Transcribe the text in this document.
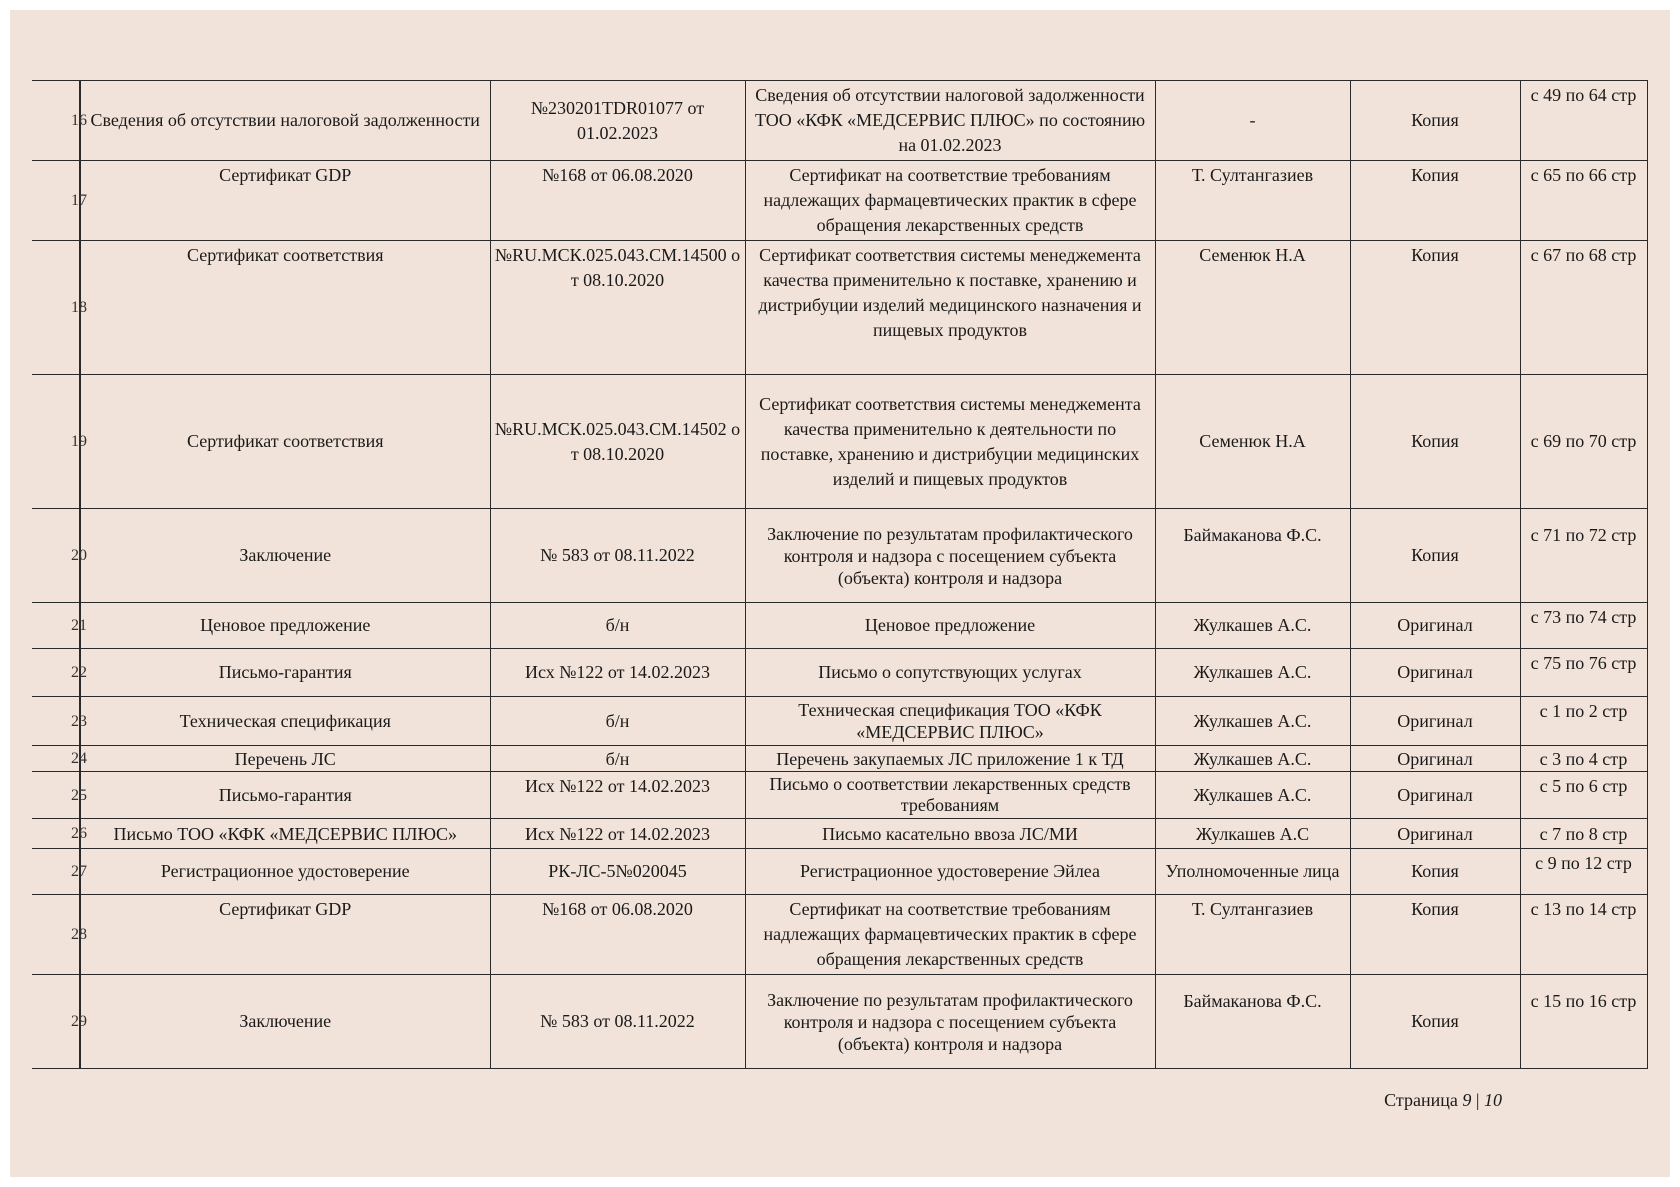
16	Сведения об отсутствии налоговой задолженности	№230201TDR01077 от 01.02.2023	Сведения об отсутствии налоговой задолженности ТОО «КФК «МЕДСЕРВИС ПЛЮС» по состоянию на 01.02.2023	-	Копия	с 49 по 64 стр
17	Сертификат GDP	№168 от 06.08.2020	Сертификат на соответствие требованиям надлежащих фармацевтических практик в сфере обращения лекарственных средств	Т. Султангазиев	Копия	с 65 по 66 стр
18	Сертификат соответствия	№RU.МСК.025.043.СМ.14500 от 08.10.2020	Сертификат соответствия системы менеджемента качества применительно к поставке, хранению и дистрибуции изделий медицинского назначения и пищевых продуктов	Семенюк Н.А	Копия	с 67 по 68 стр
19	Сертификат соответствия	№RU.МСК.025.043.СМ.14502 от 08.10.2020	Сертификат соответствия системы менеджемента качества применительно к деятельности по поставке, хранению и дистрибуции медицинских изделий и пищевых продуктов	Семенюк Н.А	Копия	с 69 по 70 стр
20	Заключение	№ 583 от 08.11.2022	Заключение по результатам профилактического контроля и надзора с посещением субъекта (объекта) контроля и надзора	Баймаканова Ф.С.	Копия	с 71 по 72 стр
21	Ценовое предложение	б/н	Ценовое предложение	Жулкашев А.С.	Оригинал	с 73 по 74 стр
22	Письмо-гарантия	Исх №122 от 14.02.2023	Письмо о сопутствующих услугах	Жулкашев А.С.	Оригинал	с 75 по 76 стр
23	Техническая спецификация	б/н	Техническая спецификация ТОО «КФК «МЕДСЕРВИС ПЛЮС»	Жулкашев А.С.	Оригинал	с 1 по 2 стр
24	Перечень ЛС	б/н	Перечень закупаемых ЛС приложение 1 к ТД	Жулкашев А.С.	Оригинал	с 3 по 4 стр
25	Письмо-гарантия	Исх №122 от 14.02.2023	Письмо о соответствии лекарственных средств требованиям	Жулкашев А.С.	Оригинал	с 5 по 6 стр
26	Письмо ТОО «КФК «МЕДСЕРВИС ПЛЮС»	Исх №122 от 14.02.2023	Письмо касательно ввоза ЛС/МИ	Жулкашев А.С	Оригинал	с 7 по 8 стр
27	Регистрационное удостоверение	РК-ЛС-5№020045	Регистрационное удостоверение Эйлеа	Уполномоченные лица	Копия	с 9 по 12 стр
28	Сертификат GDP	№168 от 06.08.2020	Сертификат на соответствие требованиям надлежащих фармацевтических практик в сфере обращения лекарственных средств	Т. Султангазиев	Копия	с 13 по 14 стр
29	Заключение	№ 583 от 08.11.2022	Заключение по результатам профилактического контроля и надзора с посещением субъекта (объекта) контроля и надзора	Баймаканова Ф.С.	Копия	с 15 по 16 стр
Страница 9 | 10
